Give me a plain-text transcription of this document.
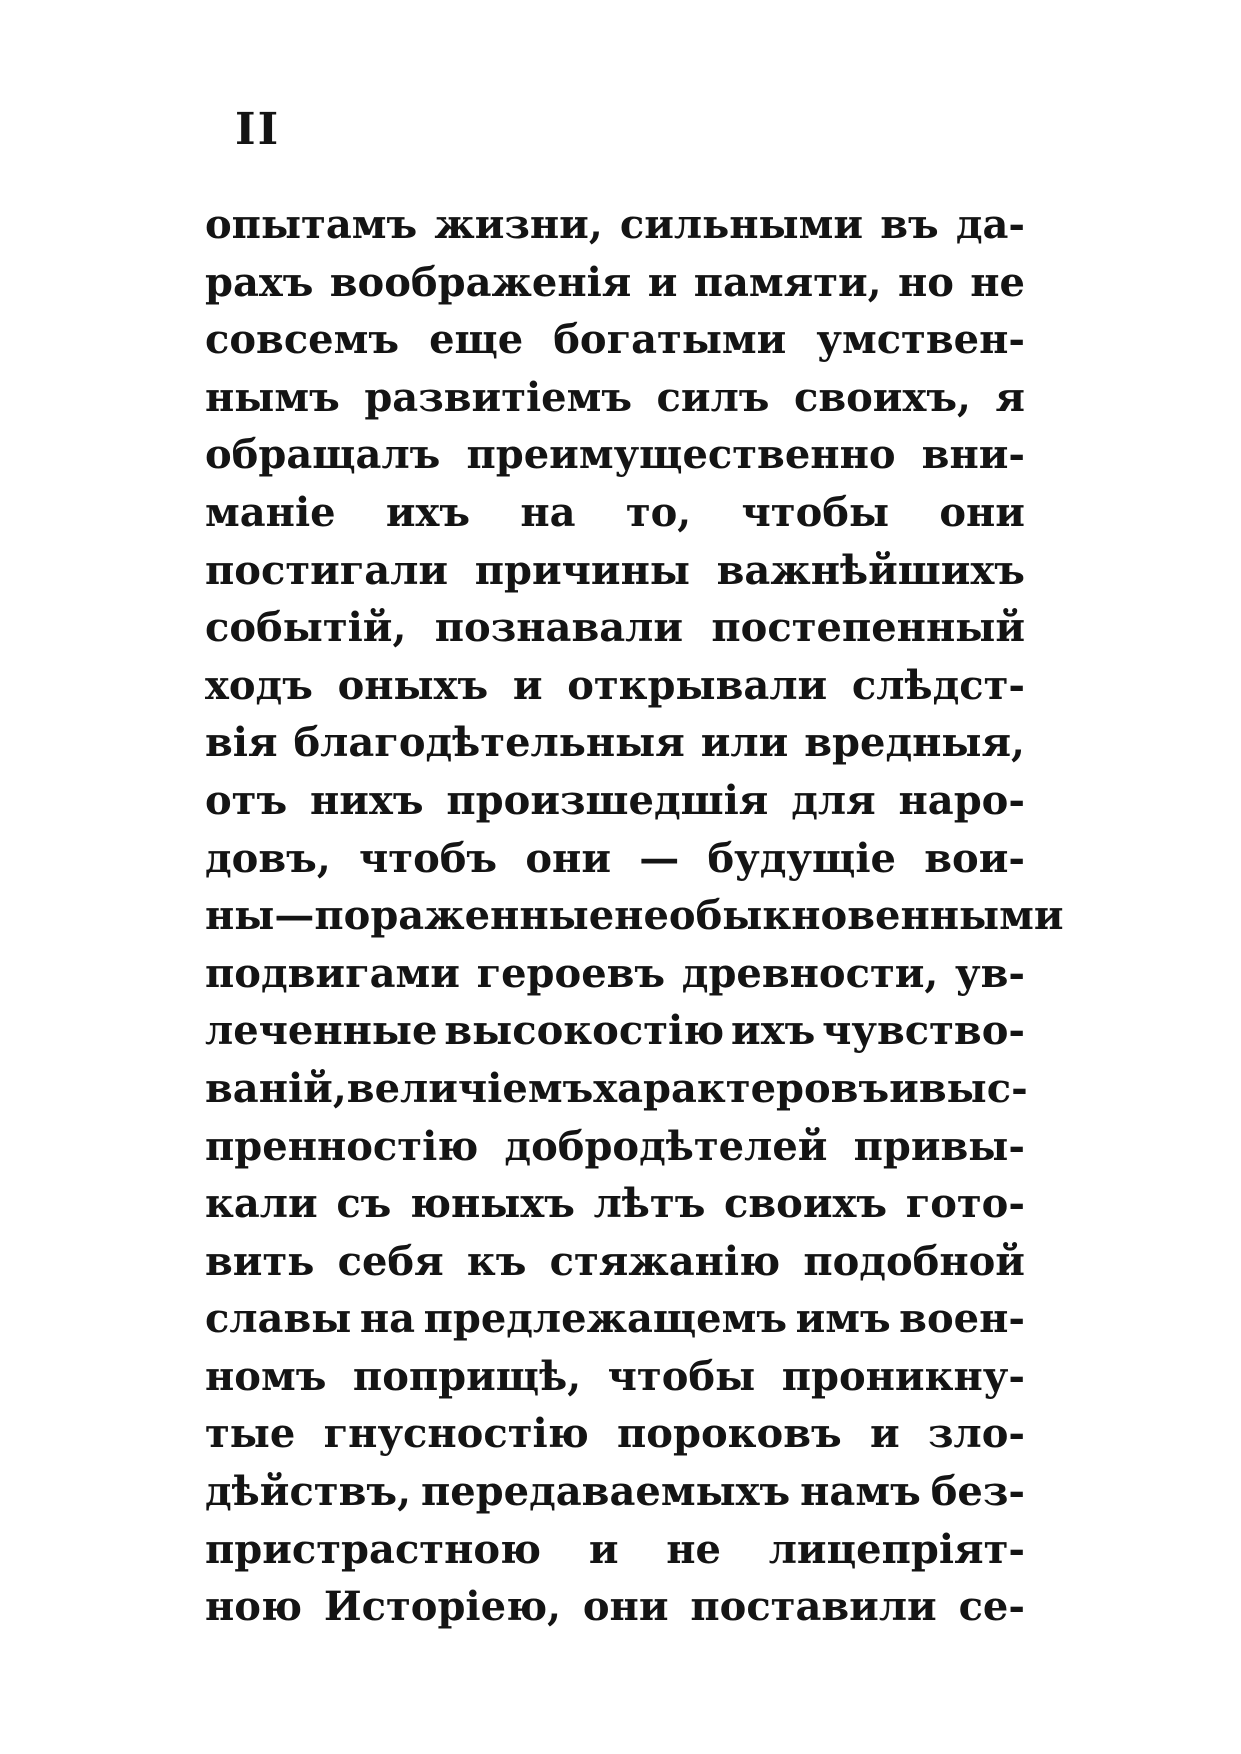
II
опытамъ жизни, сильными въ да-
рахъ воображенія и памяти, но не
совсемъ еще богатыми умствен-
нымъ развитіемъ силъ своихъ, я
обращалъ преимущественно вни-
маніе ихъ на то, чтобы они
постигали причины важнѣйшихъ
событій, познавали постепенный
ходъ оныхъ и открывали слѣдст-
вія благодѣтельныя или вредныя,
отъ нихъ произшедшія для наро-
довъ, чтобъ они — будущіе вои-
ны—пораженные не обыкновенными
подвигами героевъ древности, ув-
леченные высокостію ихъ чувство-
ваній, величіемъ характеровъ и выс-
пренностію добродѣтелей привы-
кали съ юныхъ лѣтъ своихъ гото-
вить себя къ стяжанію подобной
славы на предлежащемъ имъ воен-
номъ поприщѣ, чтобы проникну-
тые гнусностію пороковъ и зло-
дѣйствъ, передаваемыхъ намъ без-
пристрастною и не лицепріят-
ною Исторіею, они поставили се-
